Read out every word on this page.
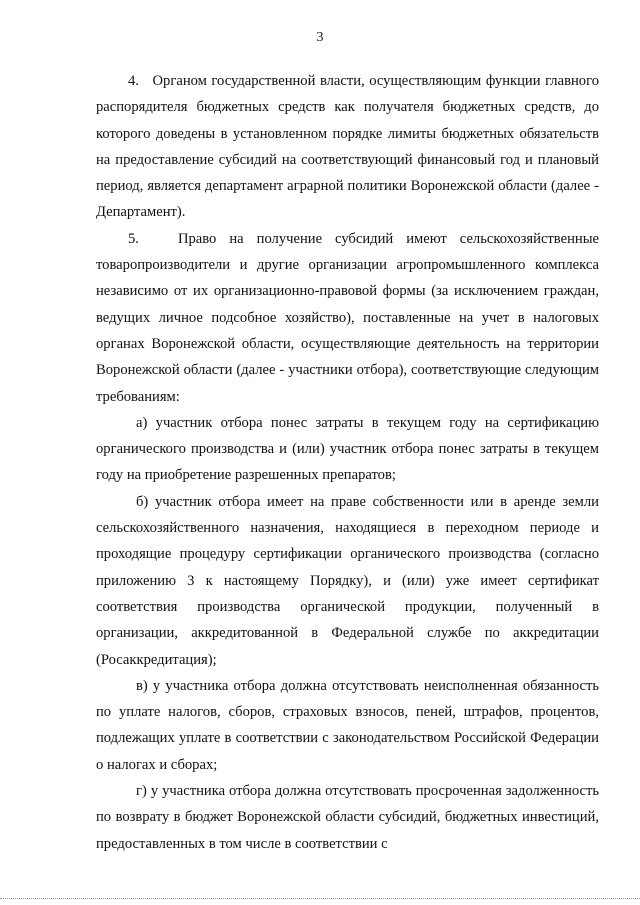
3

4.   Органом государственной власти, осуществляющим функции главного распорядителя бюджетных средств как получателя бюджетных средств, до которого доведены в установленном порядке лимиты бюджетных обязательств на предоставление субсидий на соответствующий финансовый год и плановый период, является департамент аграрной политики Воронежской области (далее - Департамент).

5.   Право на получение субсидий имеют сельскохозяйственные товаропроизводители и другие организации агропромышленного комплекса независимо от их организационно-правовой формы (за исключением граждан, ведущих личное подсобное хозяйство), поставленные на учет в налоговых органах Воронежской области, осуществляющие деятельность на территории Воронежской области (далее - участники отбора), соответствующие следующим требованиям:

а) участник отбора понес затраты в текущем году на сертификацию органического производства и (или) участник отбора понес затраты в текущем году на приобретение разрешенных препаратов;

б) участник отбора имеет на праве собственности или в аренде земли сельскохозяйственного назначения, находящиеся в переходном периоде и проходящие процедуру сертификации органического производства (согласно приложению 3 к настоящему Порядку), и (или) уже имеет сертификат соответствия производства органической продукции, полученный в организации, аккредитованной в Федеральной службе по аккредитации (Росаккредитация);

в) у участника отбора должна отсутствовать неисполненная обязанность по уплате налогов, сборов, страховых взносов, пеней, штрафов, процентов, подлежащих уплате в соответствии с законодательством Российской Федерации о налогах и сборах;

г) у участника отбора должна отсутствовать просроченная задолженность по возврату в бюджет Воронежской области субсидий, бюджетных инвестиций, предоставленных в том числе в соответствии с
